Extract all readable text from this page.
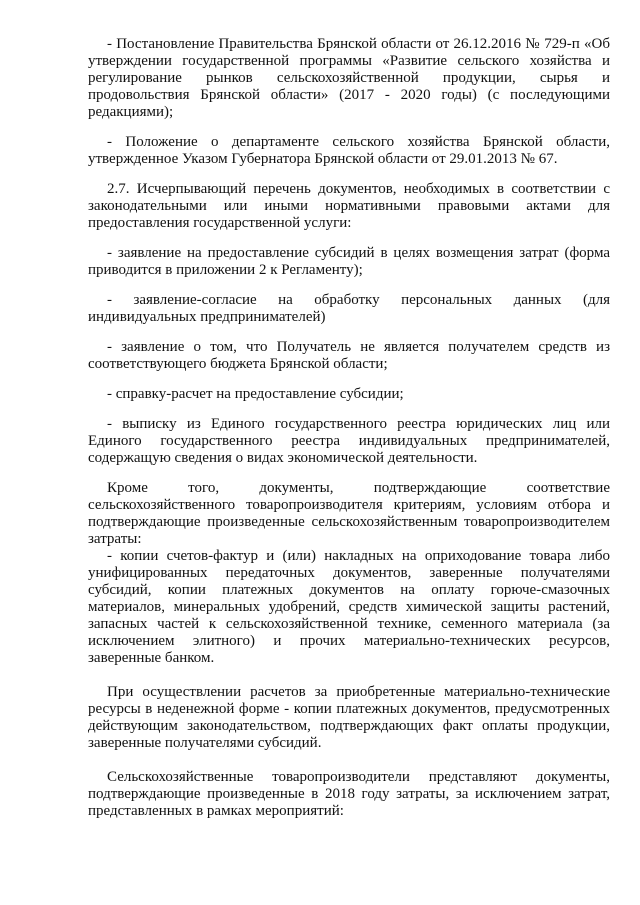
- Постановление Правительства Брянской области от 26.12.2016 № 729-п «Об утверждении государственной программы «Развитие сельского хозяйства и регулирование рынков сельскохозяйственной продукции, сырья и продовольствия Брянской области» (2017 - 2020 годы) (с последующими редакциями);

- Положение о департаменте сельского хозяйства Брянской области, утвержденное Указом Губернатора Брянской области от 29.01.2013 № 67.

2.7. Исчерпывающий перечень документов, необходимых в соответствии с законодательными или иными нормативными правовыми актами для предоставления государственной услуги:

- заявление на предоставление субсидий в целях возмещения затрат (форма приводится в приложении 2 к Регламенту);

- заявление-согласие на обработку персональных данных (для индивидуальных предпринимателей)

- заявление о том, что Получатель не является получателем средств из соответствующего бюджета Брянской области;

- справку-расчет на предоставление субсидии;

- выписку из Единого государственного реестра юридических лиц или Единого государственного реестра индивидуальных предпринимателей, содержащую сведения о видах экономической деятельности.

Кроме того, документы, подтверждающие соответствие сельскохозяйственного товаропроизводителя критериям, условиям отбора и подтверждающие произведенные сельскохозяйственным товаропроизводителем затраты:

- копии счетов-фактур и (или) накладных на оприходование товара либо унифицированных передаточных документов, заверенные получателями субсидий, копии платежных документов на оплату горюче-смазочных материалов, минеральных удобрений, средств химической защиты растений, запасных частей к сельскохозяйственной технике, семенного материала (за исключением элитного) и прочих материально-технических ресурсов, заверенные банком.

При осуществлении расчетов за приобретенные материально-технические ресурсы в неденежной форме - копии платежных документов, предусмотренных действующим законодательством, подтверждающих факт оплаты продукции, заверенные получателями субсидий.

Сельскохозяйственные товаропроизводители представляют документы, подтверждающие произведенные в 2018 году затраты, за исключением затрат, представленных в рамках мероприятий:
